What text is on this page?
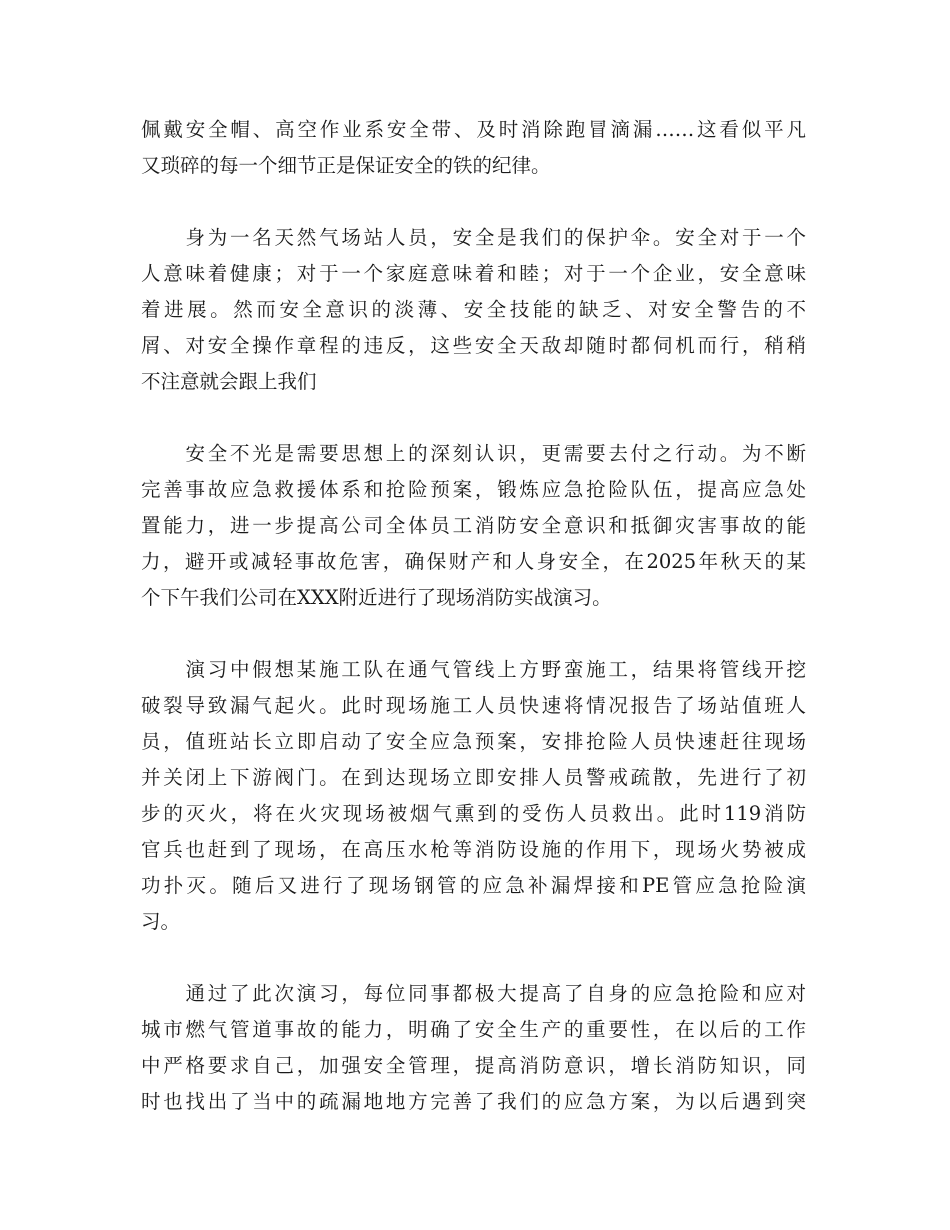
佩戴安全帽、高空作业系安全带、及时消除跑冒滴漏……这看似平凡
又琐碎的每一个细节正是保证安全的铁的纪律。

　　身为一名天然气场站人员，安全是我们的保护伞。安全对于一个
人意味着健康；对于一个家庭意味着和睦；对于一个企业，安全意味
着进展。然而安全意识的淡薄、安全技能的缺乏、对安全警告的不
屑、对安全操作章程的违反，这些安全天敌却随时都伺机而行，稍稍
不注意就会跟上我们

　　安全不光是需要思想上的深刻认识，更需要去付之行动。为不断
完善事故应急救援体系和抢险预案，锻炼应急抢险队伍，提高应急处
置能力，进一步提高公司全体员工消防安全意识和抵御灾害事故的能
力，避开或减轻事故危害，确保财产和人身安全，在2025年秋天的某
个下午我们公司在XXX附近进行了现场消防实战演习。

　　演习中假想某施工队在通气管线上方野蛮施工，结果将管线开挖
破裂导致漏气起火。此时现场施工人员快速将情况报告了场站值班人
员，值班站长立即启动了安全应急预案，安排抢险人员快速赶往现场
并关闭上下游阀门。在到达现场立即安排人员警戒疏散，先进行了初
步的灭火，将在火灾现场被烟气熏到的受伤人员救出。此时119消防
官兵也赶到了现场，在高压水枪等消防设施的作用下，现场火势被成
功扑灭。随后又进行了现场钢管的应急补漏焊接和PE管应急抢险演
习。

　　通过了此次演习，每位同事都极大提高了自身的应急抢险和应对
城市燃气管道事故的能力，明确了安全生产的重要性，在以后的工作
中严格要求自己，加强安全管理，提高消防意识，增长消防知识，同
时也找出了当中的疏漏地地方完善了我们的应急方案，为以后遇到突
